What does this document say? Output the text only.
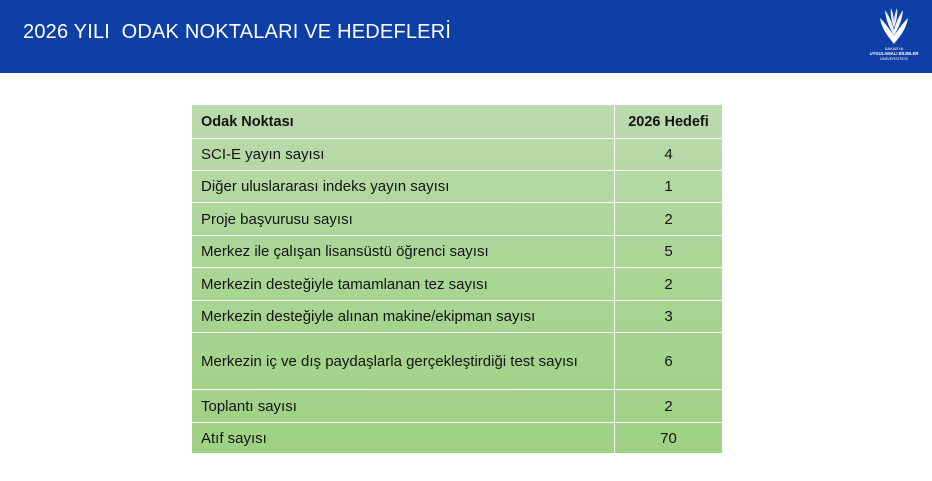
2026 YILI  ODAK NOKTALARI VE HEDEFLERİ
SAKARYA
UYGULAMALI BİLİMLER
ÜNİVERSİTESİ
Odak Noktası	2026 Hedefi
SCI-E yayın sayısı	4
Diğer uluslararası indeks yayın sayısı	1
Proje başvurusu sayısı	2
Merkez ile çalışan lisansüstü öğrenci sayısı	5
Merkezin desteğiyle tamamlanan tez sayısı	2
Merkezin desteğiyle alınan makine/ekipman sayısı	3
Merkezin iç ve dış paydaşlarla gerçekleştirdiği test sayısı	6
Toplantı sayısı	2
Atıf sayısı	70
